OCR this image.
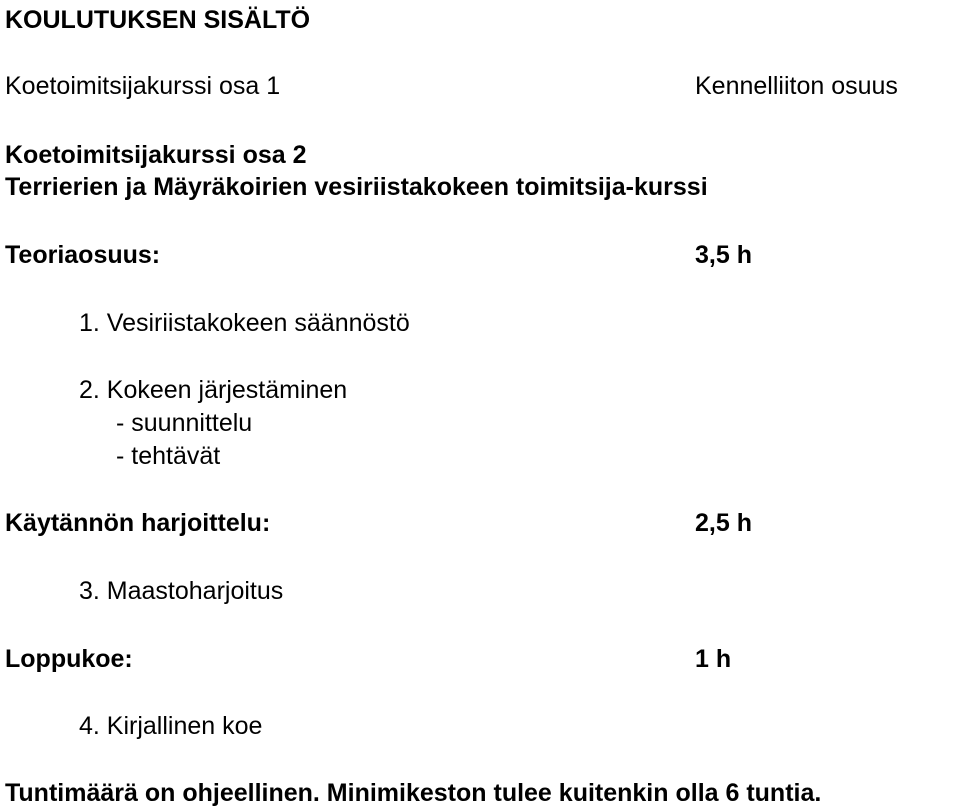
KOULUTUKSEN SISÄLTÖ
Koetoimitsijakurssi osa 1	Kennelliiton osuus
Koetoimitsijakurssi osa 2
Terrierien ja Mäyräkoirien vesiriistakokeen toimitsija-kurssi
Teoriaosuus:	3,5 h
1. Vesiriistakokeen säännöstö
2. Kokeen järjestäminen
- suunnittelu
- tehtävät
Käytännön harjoittelu:	2,5 h
3. Maastoharjoitus
Loppukoe:	1 h
4. Kirjallinen koe
Tuntimäärä on ohjeellinen. Minimikeston tulee kuitenkin olla 6 tuntia.
